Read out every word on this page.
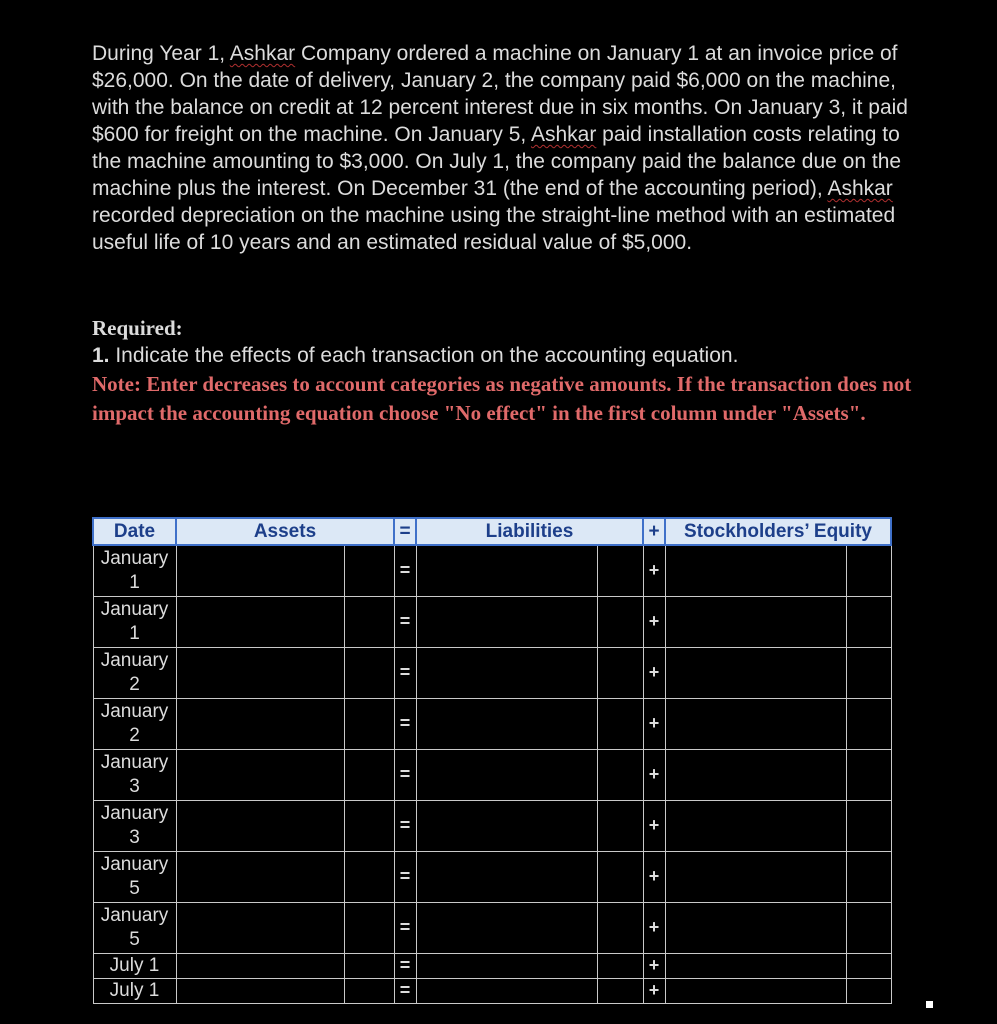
During Year 1, Ashkar Company ordered a machine on January 1 at an invoice price of $26,000. On the date of delivery, January 2, the company paid $6,000 on the machine, with the balance on credit at 12 percent interest due in six months. On January 3, it paid $600 for freight on the machine. On January 5, Ashkar paid installation costs relating to the machine amounting to $3,000. On July 1, the company paid the balance due on the machine plus the interest. On December 31 (the end of the accounting period), Ashkar recorded depreciation on the machine using the straight-line method with an estimated useful life of 10 years and an estimated residual value of $5,000.

Required:
1. Indicate the effects of each transaction on the accounting equation.
Note: Enter decreases to account categories as negative amounts. If the transaction does not impact the accounting equation choose "No effect" in the first column under "Assets".
Date	Assets		=	Liabilities		+	Stockholders’ Equity	

January
1			=			+		

January
1			=			+		

January
2			=			+		

January
2			=			+		

January
3			=			+		

January
3			=			+		

January
5			=			+		

January
5			=			+		
July 1			=			+		
July 1			=			+		
